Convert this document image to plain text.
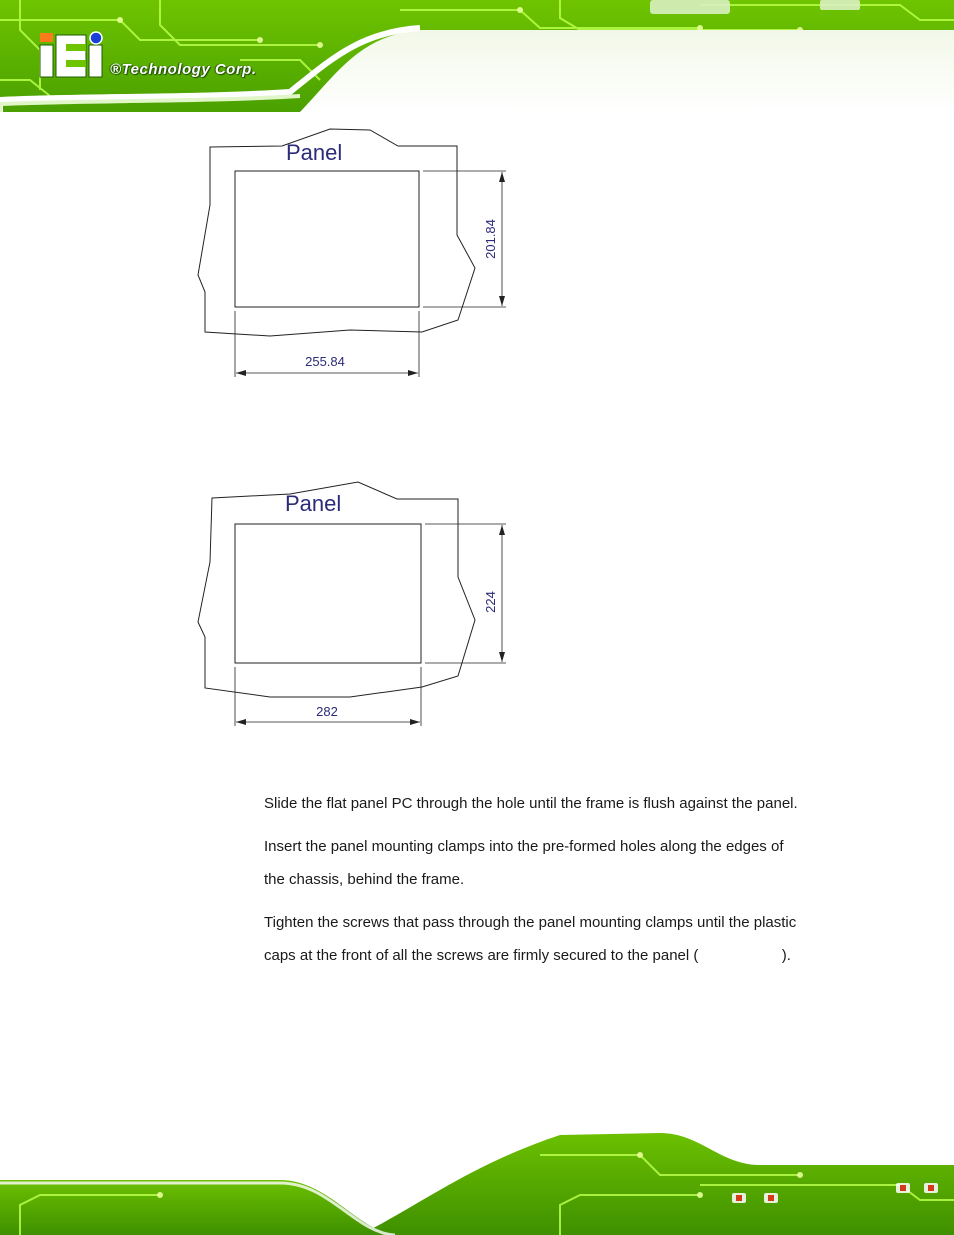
®Technology Corp.
Panel
255.84
201.84
Panel
282
224

Slide the flat panel PC through the hole until the frame is flush against the panel.

Insert the panel mounting clamps into the pre-formed holes along the edges of
the chassis, behind the frame.

Tighten the screws that pass through the panel mounting clamps until the plastic
caps at the front of all the screws are firmly secured to the panel (                    ).
